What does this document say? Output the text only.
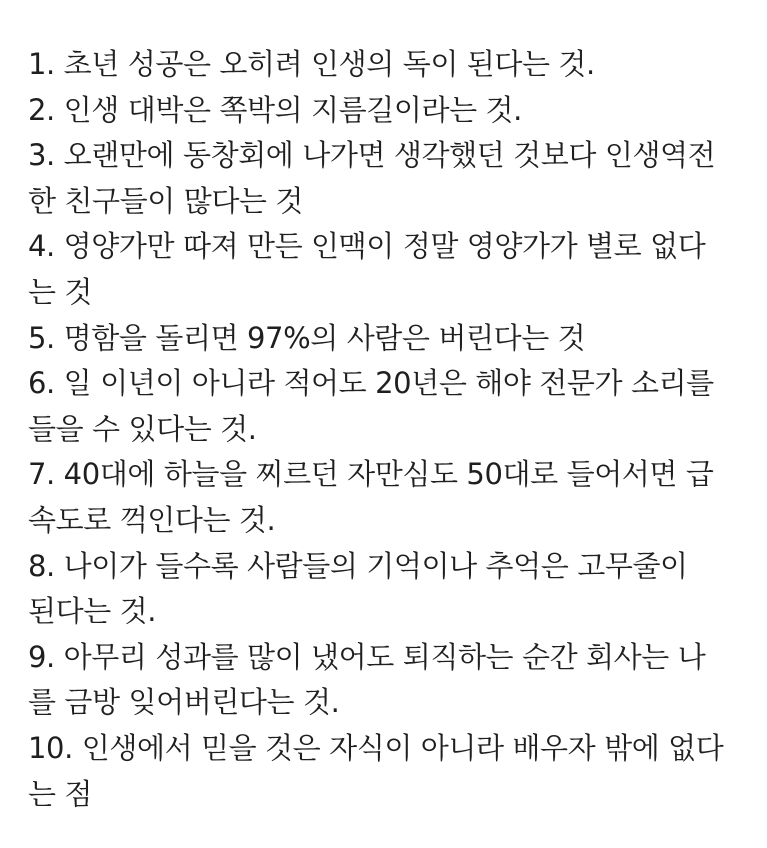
1. 초년 성공은 오히려 인생의 독이 된다는 것.
2. 인생 대박은 쪽박의 지름길이라는 것.
3. 오랜만에 동창회에 나가면 생각했던 것보다 인생역전
한 친구들이 많다는 것
4. 영양가만 따져 만든 인맥이 정말 영양가가 별로 없다
는 것
5. 명함을 돌리면 97%의 사람은 버린다는 것
6. 일 이년이 아니라 적어도 20년은 해야 전문가 소리를
들을 수 있다는 것.
7. 40대에 하늘을 찌르던 자만심도 50대로 들어서면 급
속도로 꺽인다는 것.
8. 나이가 들수록 사람들의 기억이나 추억은 고무줄이
된다는 것.
9. 아무리 성과를 많이 냈어도 퇴직하는 순간 회사는 나
를 금방 잊어버린다는 것.
10. 인생에서 믿을 것은 자식이 아니라 배우자 밖에 없다
는 점
